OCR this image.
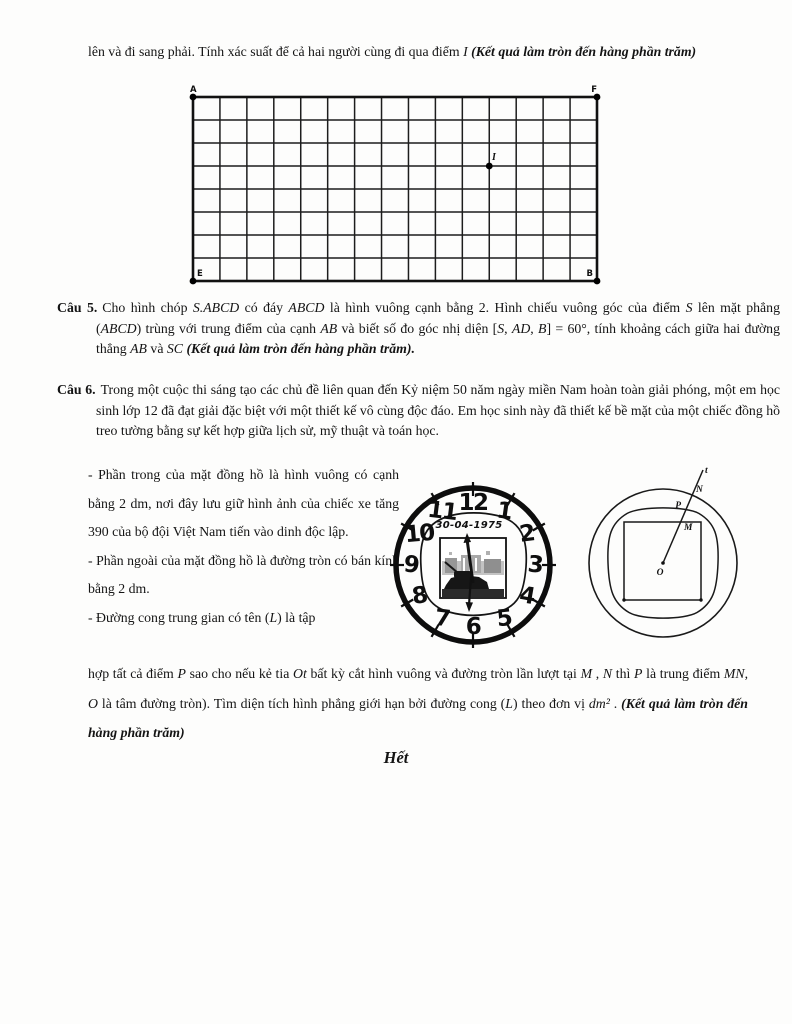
lên và đi sang phải. Tính xác suất để cả hai người cùng đi qua điểm I (Kết quả làm tròn đến hàng phần trăm)

A	F
E	B
I

Câu 5. Cho hình chóp S.ABCD có đáy ABCD là hình vuông cạnh bằng 2. Hình chiếu vuông góc của điểm S lên mặt phẳng (ABCD) trùng với trung điểm của cạnh AB và biết số đo góc nhị diện [S, AD, B] = 60°, tính khoảng cách giữa hai đường thẳng AB và SC (Kết quả làm tròn đến hàng phần trăm).

Câu 6. Trong một cuộc thi sáng tạo các chủ đề liên quan đến Kỷ niệm 50 năm ngày miền Nam hoàn toàn giải phóng, một em học sinh lớp 12 đã đạt giải đặc biệt với một thiết kế vô cùng độc đáo. Em học sinh này đã thiết kế bề mặt của một chiếc đồng hồ treo tường bằng sự kết hợp giữa lịch sử, mỹ thuật và toán học.

- Phần trong của mặt đồng hồ là hình vuông có cạnh bằng 2 dm, nơi đây lưu giữ hình ảnh của chiếc xe tăng 390 của bộ đội Việt Nam tiến vào dinh độc lập.

- Phần ngoài của mặt đồng hồ là đường tròn có bán kính bằng 2 dm.

- Đường cong trung gian có tên (L) là tập

12 1
2
3
4
5
6
7
8
9
10
11
30-04-1975
t
N
P
M
O

hợp tất cả điểm P sao cho nếu kẻ tia Ot bất kỳ cắt hình vuông và đường tròn lần lượt tại M , N thì P là trung điểm MN, O là tâm đường tròn). Tìm diện tích hình phẳng giới hạn bởi đường cong (L) theo đơn vị dm² . (Kết quả làm tròn đến hàng phần trăm)

Hết
